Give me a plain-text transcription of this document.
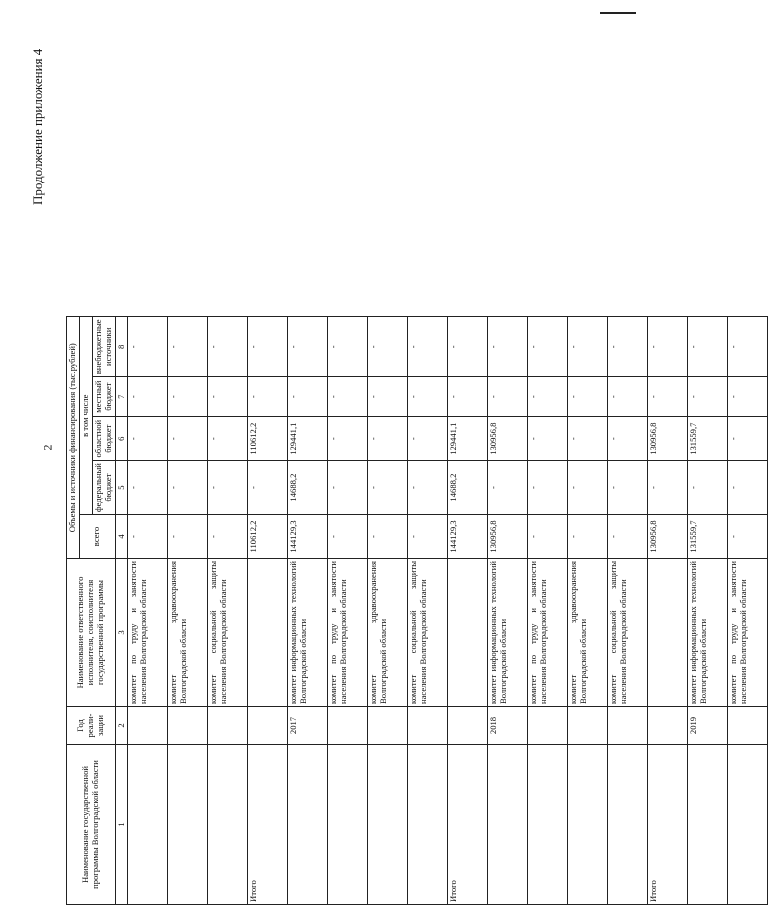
2
Продолжение приложения 4
Наименование государственной программы Волгоградской области	Год реали-зации	Наименование ответственного исполнителя, соисполнителя государственной программы	Объемы и источники финансирования (тыс.рублей)				
			всего	в том числе			
				федеральный бюджет	областной бюджет	местный бюджет	внебюджетные источники
1	2	3	4	5	6	7	8
		комитет по труду и занятости населения Волгоградской области	-	-	-	-	-
		комитет здравоохранения Волгоградской области	-	-	-	-	-
		комитет социальной защиты населения Волгоградской области	-	-	-	-	-
Итого			110612,2	-	110612,2	-	-
	2017	комитет информационных технологий Волгоградской области	144129,3	14688,2	129441,1	-	-
		комитет по труду и занятости населения Волгоградской области	-	-	-	-	-
		комитет здравоохранения Волгоградской области	-	-	-	-	-
		комитет социальной защиты населения Волгоградской области	-	-	-	-	-
Итого			144129,3	14688,2	129441,1	-	-
	2018	комитет информационных технологий Волгоградской области	130956,8	-	130956,8	-	-
		комитет по труду и занятости населения Волгоградской области	-	-	-	-	-
		комитет здравоохранения Волгоградской области	-	-	-	-	-
		комитет социальной защиты населения Волгоградской области	-	-	-	-	-
Итого			130956,8	-	130956,8	-	-
	2019	комитет информационных технологий Волгоградской области	131559,7	-	131559,7	-	-
		комитет по труду и занятости населения Волгоградской области	-	-	-	-	-
